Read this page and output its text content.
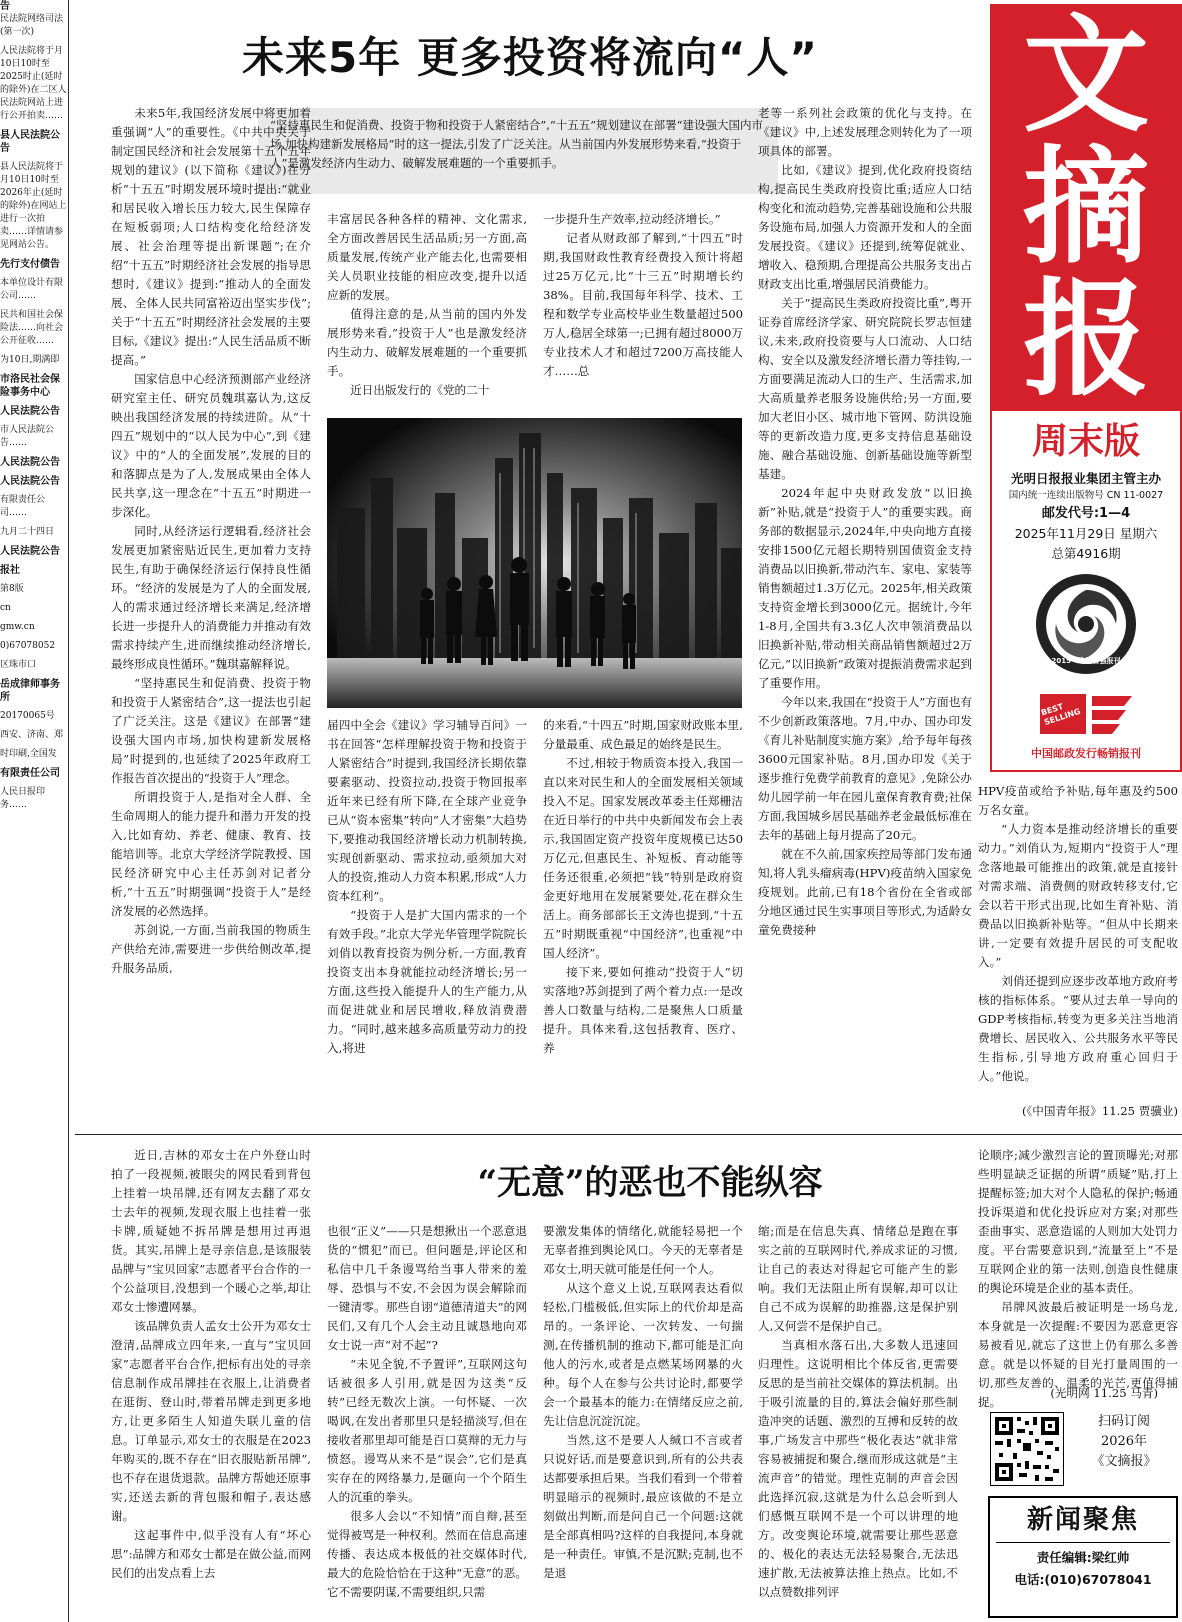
告

民法院网络司法(第一次)

人民法院将于月10日10时至2025时止(延时的除外)在二区人民法院网站上进行公开拍卖……

县人民法院公告

县人民法院将于月10日10时至2026年止(延时的除外)在网站上进行一次拍卖……详情请参见网站公告。

先行支付债告

本单位设计有限公司……

民共和国社会保险法……向社会公开征收……

为10日,期满即

市洛民社会保险事务中心

人民法院公告

市人民法院公告……

人民法院公告

人民法院公告

有限责任公司……

九月二十四日

人民法院公告

报社

第8版

cn

gmw.cn

0)67078052

区珠市口

岳成律师事务所

20170065号

西安、济南、郑

时印刷,全国发

有限责任公司

人民日报印务……

未来5年 更多投资将流向“人”
“坚持惠民生和促消费、投资于物和投资于人紧密结合”,“十五五”规划建议在部署“建设强大国内市场,加快构建新发展格局”时的这一提法,引发了广泛关注。从当前国内外发展形势来看,“投资于人”是激发经济内生动力、破解发展难题的一个重要抓手。

未来5年,我国经济发展中将更加着重强调“人”的重要性。《中共中央关于制定国民经济和社会发展第十五个五年规划的建议》(以下简称《建议》)在分析“十五五”时期发展环境时提出:“就业和居民收入增长压力较大,民生保障存在短板弱项;人口结构变化给经济发展、社会治理等提出新课题”;在介绍“十五五”时期经济社会发展的指导思想时,《建议》提到:“推动人的全面发展、全体人民共同富裕迈出坚实步伐”;关于“十五五”时期经济社会发展的主要目标,《建议》提出:“人民生活品质不断提高。”

国家信息中心经济预测部产业经济研究室主任、研究员魏琪嘉认为,这反映出我国经济发展的持续进阶。从“十四五”规划中的“以人民为中心”,到《建议》中的“人的全面发展”,发展的目的和落脚点是为了人,发展成果由全体人民共享,这一理念在“十五五”时期进一步深化。

同时,从经济运行逻辑看,经济社会发展更加紧密贴近民生,更加着力支持民生,有助于确保经济运行保持良性循环。“经济的发展是为了人的全面发展,人的需求通过经济增长来满足,经济增长进一步提升人的消费能力并推动有效需求持续产生,进而继续推动经济增长,最终形成良性循环。”魏琪嘉解释说。

“坚持惠民生和促消费、投资于物和投资于人紧密结合”,这一提法也引起了广泛关注。这是《建议》在部署“建设强大国内市场,加快构建新发展格局”时提到的,也延续了2025年政府工作报告首次提出的“投资于人”理念。

所谓投资于人,是指对全人群、全生命周期人的能力提升和潜力开发的投入,比如育幼、养老、健康、教育、技能培训等。北京大学经济学院教授、国民经济研究中心主任苏剑对记者分析,“十五五”时期强调“投资于人”是经济发展的必然选择。

苏剑说,一方面,当前我国的物质生产供给充沛,需要进一步供给侧改革,提升服务品质,

丰富居民各种各样的精神、文化需求,全方面改善居民生活品质;另一方面,高质量发展,传统产业产能去化,也需要相关人员职业技能的相应改变,提升以适应新的发展。

值得注意的是,从当前的国内外发展形势来看,“投资于人”也是激发经济内生动力、破解发展难题的一个重要抓手。

近日出版发行的《党的二十

一步提升生产效率,拉动经济增长。”

记者从财政部了解到,“十四五”时期,我国财政性教育经费投入预计将超过25万亿元,比“十三五”时期增长约38%。目前,我国每年科学、技术、工程和数学专业高校毕业生数量超过500万人,稳居全球第一;已拥有超过8000万专业技术人才和超过7200万高技能人才……总

届四中全会《建议》学习辅导百问》一书在回答“怎样理解投资于物和投资于人紧密结合”时提到,我国经济长期依靠要素驱动、投资拉动,投资于物回报率近年来已经有所下降,在全球产业竞争已从“资本密集”转向“人才密集”大趋势下,要推动我国经济增长动力机制转换,实现创新驱动、需求拉动,亟须加大对人的投资,推动人力资本积累,形成“人力资本红利”。

“投资于人是扩大国内需求的一个有效手段。”北京大学光华管理学院院长刘俏以教育投资为例分析,一方面,教育投资支出本身就能拉动经济增长;另一方面,这些投入能提升人的生产能力,从而促进就业和居民增收,释放消费潜力。“同时,越来越多高质量劳动力的投入,将进

的来看,“十四五”时期,国家财政账本里,分量最重、成色最足的始终是民生。

不过,相较于物质资本投入,我国一直以来对民生和人的全面发展相关领域投入不足。国家发展改革委主任郑栅洁在近日举行的中共中央新闻发布会上表示,我国固定资产投资年度规模已达50万亿元,但惠民生、补短板、育动能等任务还很重,必须把“钱”特别是政府资金更好地用在发展紧要处,花在群众生活上。商务部部长王文涛也提到,“十五五”时期既重视“中国经济”,也重视“中国人经济”。

接下来,要如何推动“投资于人”切实落地?苏剑提到了两个着力点:一是改善人口数量与结构,二是聚焦人口质量提升。具体来看,这包括教育、医疗、养

老等一系列社会政策的优化与支持。在《建议》中,上述发展理念则转化为了一项项具体的部署。

比如,《建议》提到,优化政府投资结构,提高民生类政府投资比重;适应人口结构变化和流动趋势,完善基础设施和公共服务设施布局,加强人力资源开发和人的全面发展投资。《建议》还提到,统筹促就业、增收入、稳预期,合理提高公共服务支出占财政支出比重,增强居民消费能力。

关于“提高民生类政府投资比重”,粤开证券首席经济学家、研究院院长罗志恒建议,未来,政府投资要与人口流动、人口结构、安全以及激发经济增长潜力等挂钩,一方面要满足流动人口的生产、生活需求,加大高质量养老服务设施供给;另一方面,要加大老旧小区、城市地下管网、防洪设施等的更新改造力度,更多支持信息基础设施、融合基础设施、创新基础设施等新型基建。

2024年起中央财政发放“以旧换新”补贴,就是“投资于人”的重要实践。商务部的数据显示,2024年,中央向地方直接安排1500亿元超长期特别国债资金支持消费品以旧换新,带动汽车、家电、家装等销售额超过1.3万亿元。2025年,相关政策支持资金增长到3000亿元。据统计,今年1-8月,全国共有3.3亿人次申领消费品以旧换新补贴,带动相关商品销售额超过2万亿元,“以旧换新”政策对提振消费需求起到了重要作用。

今年以来,我国在“投资于人”方面也有不少创新政策落地。7月,中办、国办印发《育儿补贴制度实施方案》,给予每年每孩3600元国家补贴。8月,国办印发《关于逐步推行免费学前教育的意见》,免除公办幼儿园学前一年在园儿童保育教育费;社保方面,我国城乡居民基础养老金最低标准在去年的基础上每月提高了20元。

就在不久前,国家疾控局等部门发布通知,将人乳头瘤病毒(HPV)疫苗纳入国家免疫规划。此前,已有18个省份在全省或部分地区通过民生实事项目等形式,为适龄女童免费接种

文
摘
报
周末版
光明日报报业集团主管主办
国内统一连续出版物号 CN 11-0027
邮发代号:1—4
2025年11月29日 星期六
总第4916期
2015 · 中国百强报刊
BEST SELLING
中国邮政发行畅销报刊

HPV疫苗或给予补贴,每年惠及约500万名女童。

“人力资本是推动经济增长的重要动力。”刘俏认为,短期内“投资于人”理念落地最可能推出的政策,就是直接针对需求端、消费侧的财政转移支付,它会以若干形式出现,比如生育补贴、消费品以旧换新补贴等。“但从中长期来讲,一定要有效提升居民的可支配收入。”

刘俏还提到应逐步改革地方政府考核的指标体系。“要从过去单一导向的GDP考核指标,转变为更多关注当地消费增长、居民收入、公共服务水平等民生指标,引导地方政府重心回归于人。”他说。

(《中国青年报》11.25 贾骥业)
“无意”的恶也不能纵容

近日,吉林的邓女士在户外登山时拍了一段视频,被眼尖的网民看到背包上挂着一块吊牌,还有网友去翻了邓女士去年的视频,发现衣服上也挂着一张卡牌,质疑她不拆吊牌是想用过再退货。其实,吊牌上是寻亲信息,是该服装品牌与“宝贝回家”志愿者平台合作的一个公益项目,没想到一个暖心之举,却让邓女士惨遭网暴。

该品牌负责人孟女士公开为邓女士澄清,品牌成立四年来,一直与“宝贝回家”志愿者平台合作,把标有出处的寻亲信息制作成吊牌挂在衣服上,让消费者在逛街、登山时,带着吊牌走到更多地方,让更多陌生人知道失联儿童的信息。订单显示,邓女士的衣服是在2023年购买的,既不存在“旧衣服贴新吊牌”,也不存在退货退款。品牌方帮她还原事实,还送去新的背包服和帽子,表达感谢。

这起事件中,似乎没有人有“坏心思”:品牌方和邓女士都是在做公益,而网民们的出发点看上去

也很“正义”——只是想揪出一个恶意退货的“惯犯”而已。但问题是,评论区和私信中几千条谩骂给当事人带来的羞辱、恐惧与不安,不会因为误会解除而一键清零。那些自诩“道德清道夫”的网民们,又有几个人会主动且诚恳地向邓女士说一声“对不起”?

“未见全貌,不予置评”,互联网这句话被很多人引用,就是因为这类“反转”已经无数次上演。一句怀疑、一次喝讽,在发出者那里只是轻描淡写,但在接收者那里却可能是百口莫辩的无力与愤怒。谩骂从来不是“误会”,它们是真实存在的网络暴力,是砸向一个个陌生人的沉重的拳头。

很多人会以“不知情”而自辩,甚至觉得被骂是一种权利。然而在信息高速传播、表达成本极低的社交媒体时代,最大的危险恰恰在于这种“无意”的恶。它不需要阴谋,不需要组织,只需

要激发集体的情绪化,就能轻易把一个无辜者推到舆论风口。今天的无辜者是邓女士,明天就可能是任何一个人。

从这个意义上说,互联网表达看似轻松,门槛极低,但实际上的代价却是高昂的。一条评论、一次转发、一句揣测,在传播机制的推动下,都可能是汇向他人的污水,或者是点燃某场网暴的火种。每个人在参与公共讨论时,都要学会一个最基本的能力:在情绪反应之前,先让信息沉淀沉淀。

当然,这不是要人人缄口不言或者只说好话,而是要意识到,所有的公共表达都要承担后果。当我们看到一个带着明显暗示的视频时,最应该做的不是立刻做出判断,而是问自己一个问题:这就是全部真相吗?这样的自我提问,本身就是一种责任。审慎,不是沉默;克制,也不是退

缩;而是在信息失真、情绪总是跑在事实之前的互联网时代,养成求证的习惯,让自己的表达对得起它可能产生的影响。我们无法阻止所有误解,却可以让自己不成为误解的助推器,这是保护别人,又何尝不是保护自己。

当真相水落石出,大多数人迅速回归理性。这说明相比个体反省,更需要反思的是当前社交媒体的算法机制。出于吸引流量的目的,算法会偏好那些制造冲突的话题、激烈的互搏和反转的故事,广场发言中那些“极化表达”就非常容易被捕捉和聚合,继而形成这就是“主流声音”的错觉。理性克制的声音会因此选择沉寂,这就是为什么总会听到人们感慨互联网不是一个可以讲理的地方。改变舆论环境,就需要让那些恶意的、极化的表达无法轻易聚合,无法迅速扩散,无法被算法推上热点。比如,不以点赞数排列评

论顺序;减少激烈言论的置顶曝光;对那些明显缺乏证据的所谓“质疑”贴,打上提醒标签;加大对个人隐私的保护;畅通投诉渠道和优化投诉应对方案;对那些歪曲事实、恶意造谣的人则加大处罚力度。平台需要意识到,“流量至上”不是互联网企业的第一法则,创造良性健康的舆论环境是企业的基本责任。

吊牌风波最后被证明是一场乌龙,本身就是一次提醒:不要因为恶意更容易被看见,就忘了这世上仍有那么多善意。就是以怀疑的目光打量周围的一切,那些友善的、温柔的光芒,更值得捕捉。

(光明网 11.25 马青)
扫码订阅
2026年
《文摘报》
新闻聚焦
责任编辑:梁红帅
电话:(010)67078041
